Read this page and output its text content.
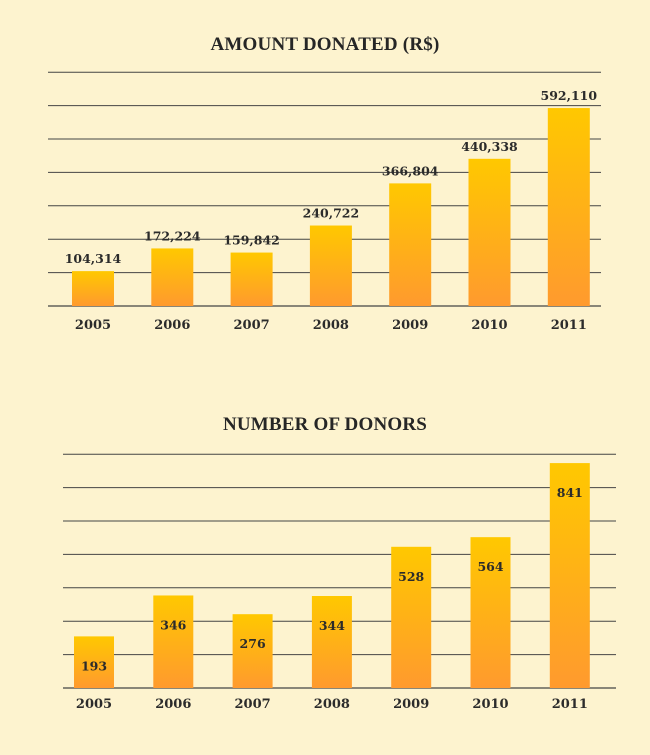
AMOUNT DONATED (R$)
104,314
2005
172,224
2006
159,842
2007
240,722
2008
366,804
2009
440,338
2010
592,110
2011
NUMBER OF DONORS
193
2005
346
2006
276
2007
344
2008
528
2009
564
2010
841
2011
